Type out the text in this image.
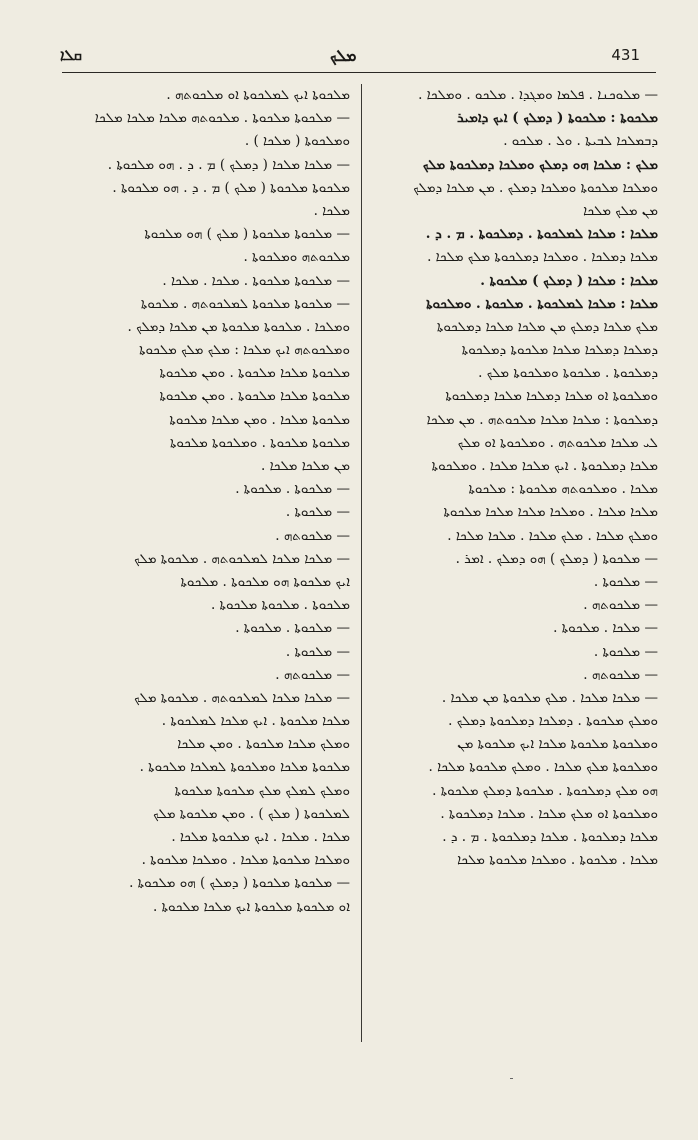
ܩܠܐ	ܡܠܟ	431
— ܡܠܘܟܢܐ . ܦܠܡܐ ܘܡܓܕܐ . ܡܠܟܘ . ܘܡܠܟܐ .
ܡܠܟܘܬܐ : ܡܠܟܘܬܐ ( ܕܡܠܟ ) ܐܝܟ ܕܐܡܝܪ
ܕܒܡܠܟܐ ܠܒܝܬܐ . ܘܠ . ܡܠܟܘ .
ܡܠܟ : ܡܠܟܐ ܗܘ ܕܡܠܟ ܘܡܠܟܐ ܕܡܠܟܘܬܐ ܡܠܟ
ܘܡܠܟܐ ܡܠܟܘܬܐ ܘܡܠܟܐ ܕܡܠܟ . ܡܢ ܡܠܟܐ ܕܡܠܟ
ܡܢ ܡܠܟ ܡܠܟܐ
ܡܠܟܐ : ܡܠܟܐ ܠܡܠܟܘܬܐ . ܕܡܠܟܘܬܐ . ܡ . ܕ .
ܡܠܟܐ ܕܡܠܟܐ . ܘܡܠܟܐ ܕܡܠܟܘܬܐ ܡܠܟ ܡܠܟܐ .
ܡܠܟܐ : ܡܠܟܐ ( ܕܡܠܟ ) ܡܠܟܘܬܐ .
ܡܠܟܐ : ܡܠܟܐ ܠܡܠܟܘܬܐ . ܡܠܟܘܬܐ . ܘܡܠܟܘܬܐ
ܡܠܟ ܡܠܟܐ ܕܡܠܟ ܡܢ ܡܠܟܐ ܡܠܟܐ ܕܡܠܟܘܬܐ
ܕܡܠܟܐ ܕܡܠܟܐ ܡܠܟܐ ܡܠܟܘܬܐ ܕܡܠܟܘܬܐ
ܕܡܠܟܘܬܐ . ܡܠܟܘܬܐ ܘܡܠܟܘܬܐ ܡܠܟ .
ܘܡܠܟܘܬܐ ܐܘ ܡܠܟܐ ܕܡܠܟܐ ܡܠܟܐ ܕܡܠܟܘܬܐ
ܕܡܠܟܘܬܐ : ܡܠܟܐ ܡܠܟܐ ܡܠܟܘܬܗ . ܡܢ ܡܠܟܐ
ܠܝ ܡܠܟܐ ܡܠܟܘܬܗ . ܘܡܠܟܘܬܐ ܐܘ ܡܠܟ
ܡܠܟܐ ܕܡܠܟܘܬܐ . ܐܝܟ ܡܠܟܐ ܡܠܟܐ . ܘܡܠܟܘܬܐ
ܡܠܟܐ . ܘܡܠܟܘܬܗ ܡܠܟܘܬܐ : ܡܠܟܘܬܐ
ܡܠܟܐ ܡܠܟܐ . ܘܡܠܟܐ ܡܠܟܐ ܡܠܟܐ ܡܠܟܘܬܐ
ܘܡܠܟ ܡܠܟܐ . ܡܠܟ ܡܠܟܐ . ܡܠܟܐ ܡܠܟܐ .
— ܡܠܟܘܬܐ ( ܕܡܠܟ ) ܗܘ ܕܡܠܟ . ܐܡܪ .
— ܡܠܟܘܬܐ .
— ܡܠܟܘܬܗ .
— ܡܠܟܐ . ܡܠܟܘܬܐ .
— ܡܠܟܘܬܐ .
— ܡܠܟܘܬܗ .
— ܡܠܟܐ ܡܠܟܐ . ܡܠܟ ܡܠܟܘܬܐ ܡܢ ܡܠܟܐ .
ܘܡܠܟ ܡܠܟܘܬܐ . ܕܡܠܟܐ ܕܡܠܟܘܬܐ ܕܡܠܟ .
ܘܡܠܟܘܬܐ ܡܠܟܘܬܐ ܡܠܟܐ ܐܝܟ ܡܠܟܘܬܐ ܡܢ
ܘܡܠܟܘܬܐ ܡܠܟ ܡܠܟܐ . ܘܡܠܟ ܡܠܟܘܬܐ ܡܠܟܐ .
ܗܘ ܡܠܟ ܕܡܠܟܘܬܐ . ܡܠܟܘܬܐ ܕܡܠܟ ܡܠܟܘܬܐ .
ܘܡܠܟܘܬܐ ܐܘ ܡܠܟ ܡܠܟܐ . ܡܠܟܐ ܕܡܠܟܘܬܐ .
ܡܠܟܐ ܕܡܠܟܘܬܐ . ܡܠܟܐ ܕܡܠܟܘܬܐ . ܡ . ܕ .
ܡܠܟܐ . ܡܠܟܘܬܐ . ܘܡܠܟܐ ܡܠܟܘܬܐ ܡܠܟܐ
ܡܠܟܘܬܐ ܐܝܟ ܠܡܠܟܘܬܐ ܐܘ ܡܠܟܘܬܗ .
— ܡܠܟܘܬܐ ܡܠܟܘܬܐ . ܡܠܟܘܬܗ ܡܠܟܐ ܡܠܟܐ ܡܠܟܐ
ܘܡܠܟܘܬܐ ( ܡܠܟܐ ) .
— ܡܠܟܐ ܡܠܟܐ ( ܕܡܠܟ ) ܡ . ܕ . ܗܘ ܡܠܟܘܬܐ .
ܡܠܟܘܬܐ ܡܠܟܘܬܐ ( ܡܠܟ ) ܡ . ܕ . ܗܘ ܡܠܟܘܬܐ .
ܡܠܟܐ .
— ܡܠܟܘܬܐ ܡܠܟܘܬܐ ( ܡܠܟ ) ܗܘ ܡܠܟܘܬܐ
ܡܠܟܘܬܗ ܘܡܠܟܘܬܐ .
— ܡܠܟܘܬܐ ܡܠܟܘܬܐ . ܡܠܟܐ . ܡܠܟܐ .
— ܡܠܟܘܬܐ ܡܠܟܘܬܐ ܠܡܠܟܘܬܗ . ܡܠܟܘܬܐ
ܘܡܠܟܐ . ܡܠܟܘܬܐ ܡܠܟܘܬܐ ܡܢ ܡܠܟܐ ܕܡܠܟ .
ܘܡܠܟܘܬܗ ܐܝܟ ܡܠܟܐ : ܡܠܟ ܡܠܟ ܡܠܟܘܬܐ
ܡܠܟܘܬܐ ܡܠܟܐ ܡܠܟܘܬܐ . ܘܡܢ ܡܠܟܘܬܐ
ܡܠܟܘܬܐ ܡܠܟܐ ܡܠܟܘܬܐ . ܘܡܢ ܡܠܟܘܬܐ
ܡܠܟܘܬܐ ܡܠܟܐ . ܘܡܢ ܡܠܟܐ ܡܠܟܘܬܐ
ܡܠܟܘܬܐ ܡܠܟܘܬܐ . ܘܡܠܟܘܬܐ ܡܠܟܘܬܐ
ܡܢ ܡܠܟܐ ܡܠܟܐ .
— ܡܠܟܘܬܐ . ܡܠܟܘܬܐ .
— ܡܠܟܘܬܐ .
— ܡܠܟܘܬܗ .
— ܡܠܟܐ ܡܠܟܐ ܠܡܠܟܘܬܗ . ܡܠܟܘܬܐ ܡܠܟ
ܐܝܟ ܡܠܟܘܬܐ ܗܘ ܡܠܟܘܬܐ . ܡܠܟܘܬܐ
ܡܠܟܘܬܐ . ܡܠܟܘܬܐ ܡܠܟܘܬܐ .
— ܡܠܟܘܬܐ . ܡܠܟܘܬܐ .
— ܡܠܟܘܬܐ .
— ܡܠܟܘܬܗ .
— ܡܠܟܐ ܡܠܟܐ ܠܡܠܟܘܬܗ . ܡܠܟܘܬܐ ܡܠܟ
ܡܠܟܐ ܡܠܟܘܬܐ . ܐܝܟ ܡܠܟܐ ܠܡܠܟܘܬܐ .
ܘܡܠܟ ܡܠܟܐ ܡܠܟܘܬܐ . ܘܡܢ ܡܠܟܐ
ܡܠܟܘܬܐ ܡܠܟܐ ܘܡܠܟܘܬܐ ܠܡܠܟܐ ܡܠܟܘܬܐ .
ܘܡܠܟ ܠܡܠܟ ܡܠܟ ܡܠܟܘܬܐ ܡܠܟܘܬܐ
ܠܡܠܟܘܬܐ ( ܡܠܟ ) . ܘܡܢ ܡܠܟܘܬܐ ܡܠܟ
ܡܠܟܐ . ܡܠܟܐ . ܐܝܟ ܡܠܟܘܬܐ ܡܠܟܐ .
ܘܡܠܟܐ ܡܠܟܘܬܐ ܡܠܟܐ . ܘܡܠܟܐ ܡܠܟܘܬܐ .
— ܡܠܟܘܬܐ ܡܠܟܘܬܐ ( ܕܡܠܟ ) ܗܘ ܡܠܟܘܬܐ .
ܐܘ ܡܠܟܘܬܐ ܡܠܟܘܬܐ ܐܝܟ ܡܠܟܐ ܡܠܟܘܬܐ .
